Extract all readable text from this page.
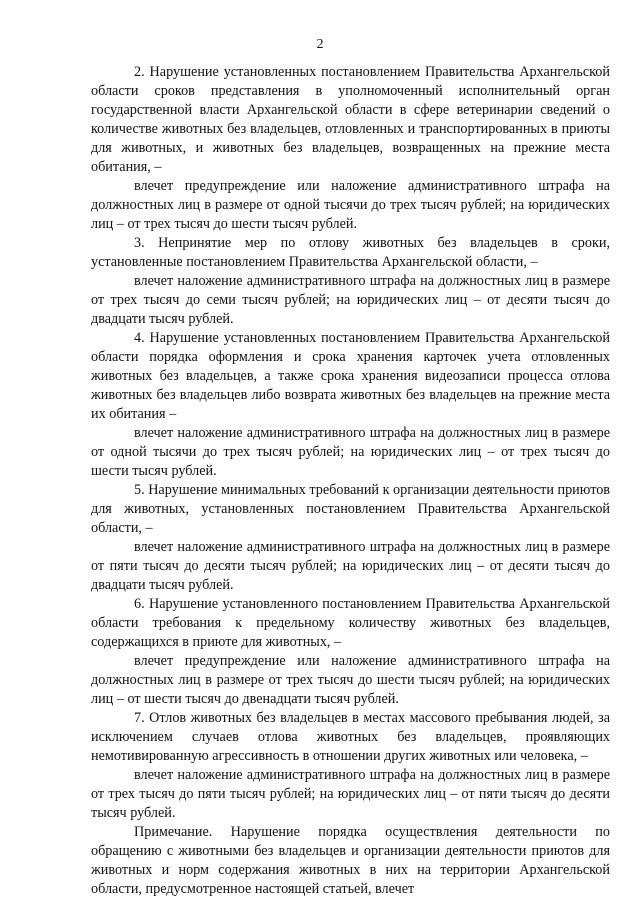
2

2. Нарушение установленных постановлением Правительства Архангельской области сроков представления в уполномоченный исполнительный орган государственной власти Архангельской области в сфере ветеринарии сведений о количестве животных без владельцев, отловленных и транспортированных в приюты для животных, и животных без владельцев, возвращенных на прежние места обитания, –

влечет предупреждение или наложение административного штрафа на должностных лиц в размере от одной тысячи до трех тысяч рублей; на юридических лиц – от трех тысяч до шести тысяч рублей.

3. Непринятие мер по отлову животных без владельцев в сроки, установленные постановлением Правительства Архангельской области, –

влечет наложение административного штрафа на должностных лиц в размере от трех тысяч до семи тысяч рублей; на юридических лиц – от десяти тысяч до двадцати тысяч рублей.

4. Нарушение установленных постановлением Правительства Архангельской области порядка оформления и срока хранения карточек учета отловленных животных без владельцев, а также срока хранения видеозаписи процесса отлова животных без владельцев либо возврата животных без владельцев на прежние места их обитания –

влечет наложение административного штрафа на должностных лиц в размере от одной тысячи до трех тысяч рублей; на юридических лиц – от трех тысяч до шести тысяч рублей.

5. Нарушение минимальных требований к организации деятельности приютов для животных, установленных постановлением Правительства Архангельской области, –

влечет наложение административного штрафа на должностных лиц в размере от пяти тысяч до десяти тысяч рублей; на юридических лиц – от десяти тысяч до двадцати тысяч рублей.

6. Нарушение установленного постановлением Правительства Архангельской области требования к предельному количеству животных без владельцев, содержащихся в приюте для животных, –

влечет предупреждение или наложение административного штрафа на должностных лиц в размере от трех тысяч до шести тысяч рублей; на юридических лиц – от шести тысяч до двенадцати тысяч рублей.

7. Отлов животных без владельцев в местах массового пребывания людей, за исключением случаев отлова животных без владельцев, проявляющих немотивированную агрессивность в отношении других животных или человека, –

влечет наложение административного штрафа на должностных лиц в размере от трех тысяч до пяти тысяч рублей; на юридических лиц – от пяти тысяч до десяти тысяч рублей.

Примечание. Нарушение порядка осуществления деятельности по обращению с животными без владельцев и организации деятельности приютов для животных и норм содержания животных в них на территории Архангельской области, предусмотренное настоящей статьей, влечет
